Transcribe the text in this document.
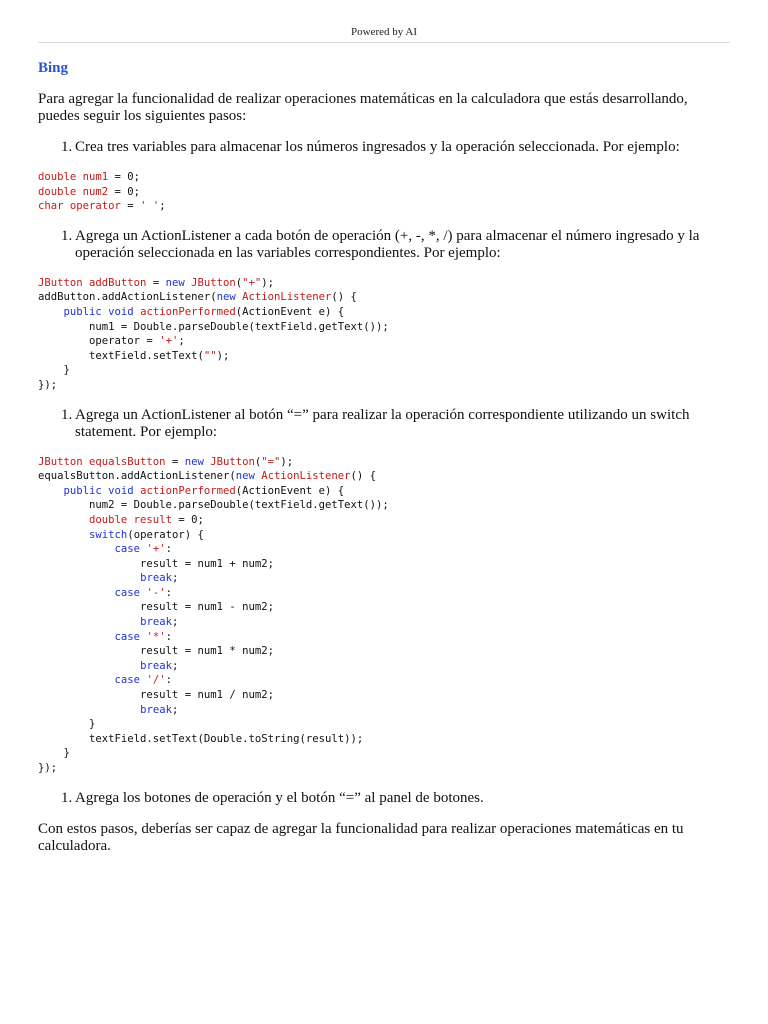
Powered by AI
Bing

Para agregar la funcionalidad de realizar operaciones matemáticas en la calculadora que estás desarrollando, puedes seguir los siguientes pasos:

1. Crea tres variables para almacenar los números ingresados y la operación seleccionada. Por ejemplo:
double num1 = 0;
double num2 = 0;
char operator = ' ';
1. Agrega un ActionListener a cada botón de operación (+, -, *, /) para almacenar el número ingresado y la operación seleccionada en las variables correspondientes. Por ejemplo:
JButton addButton = new JButton("+");
addButton.addActionListener(new ActionListener() {
public void actionPerformed(ActionEvent e) {
num1 = Double.parseDouble(textField.getText());
operator = '+';
textField.setText("");
}
});
1. Agrega un ActionListener al botón “=” para realizar la operación correspondiente utilizando un switch statement. Por ejemplo:
JButton equalsButton = new JButton("=");
equalsButton.addActionListener(new ActionListener() {
public void actionPerformed(ActionEvent e) {
num2 = Double.parseDouble(textField.getText());
double result = 0;
switch(operator) {
case '+':
result = num1 + num2;
break;
case '-':
result = num1 - num2;
break;
case '*':
result = num1 * num2;
break;
case '/':
result = num1 / num2;
break;
}
textField.setText(Double.toString(result));
}
});
1. Agrega los botones de operación y el botón “=” al panel de botones.

Con estos pasos, deberías ser capaz de agregar la funcionalidad para realizar operaciones matemáticas en tu calculadora.
